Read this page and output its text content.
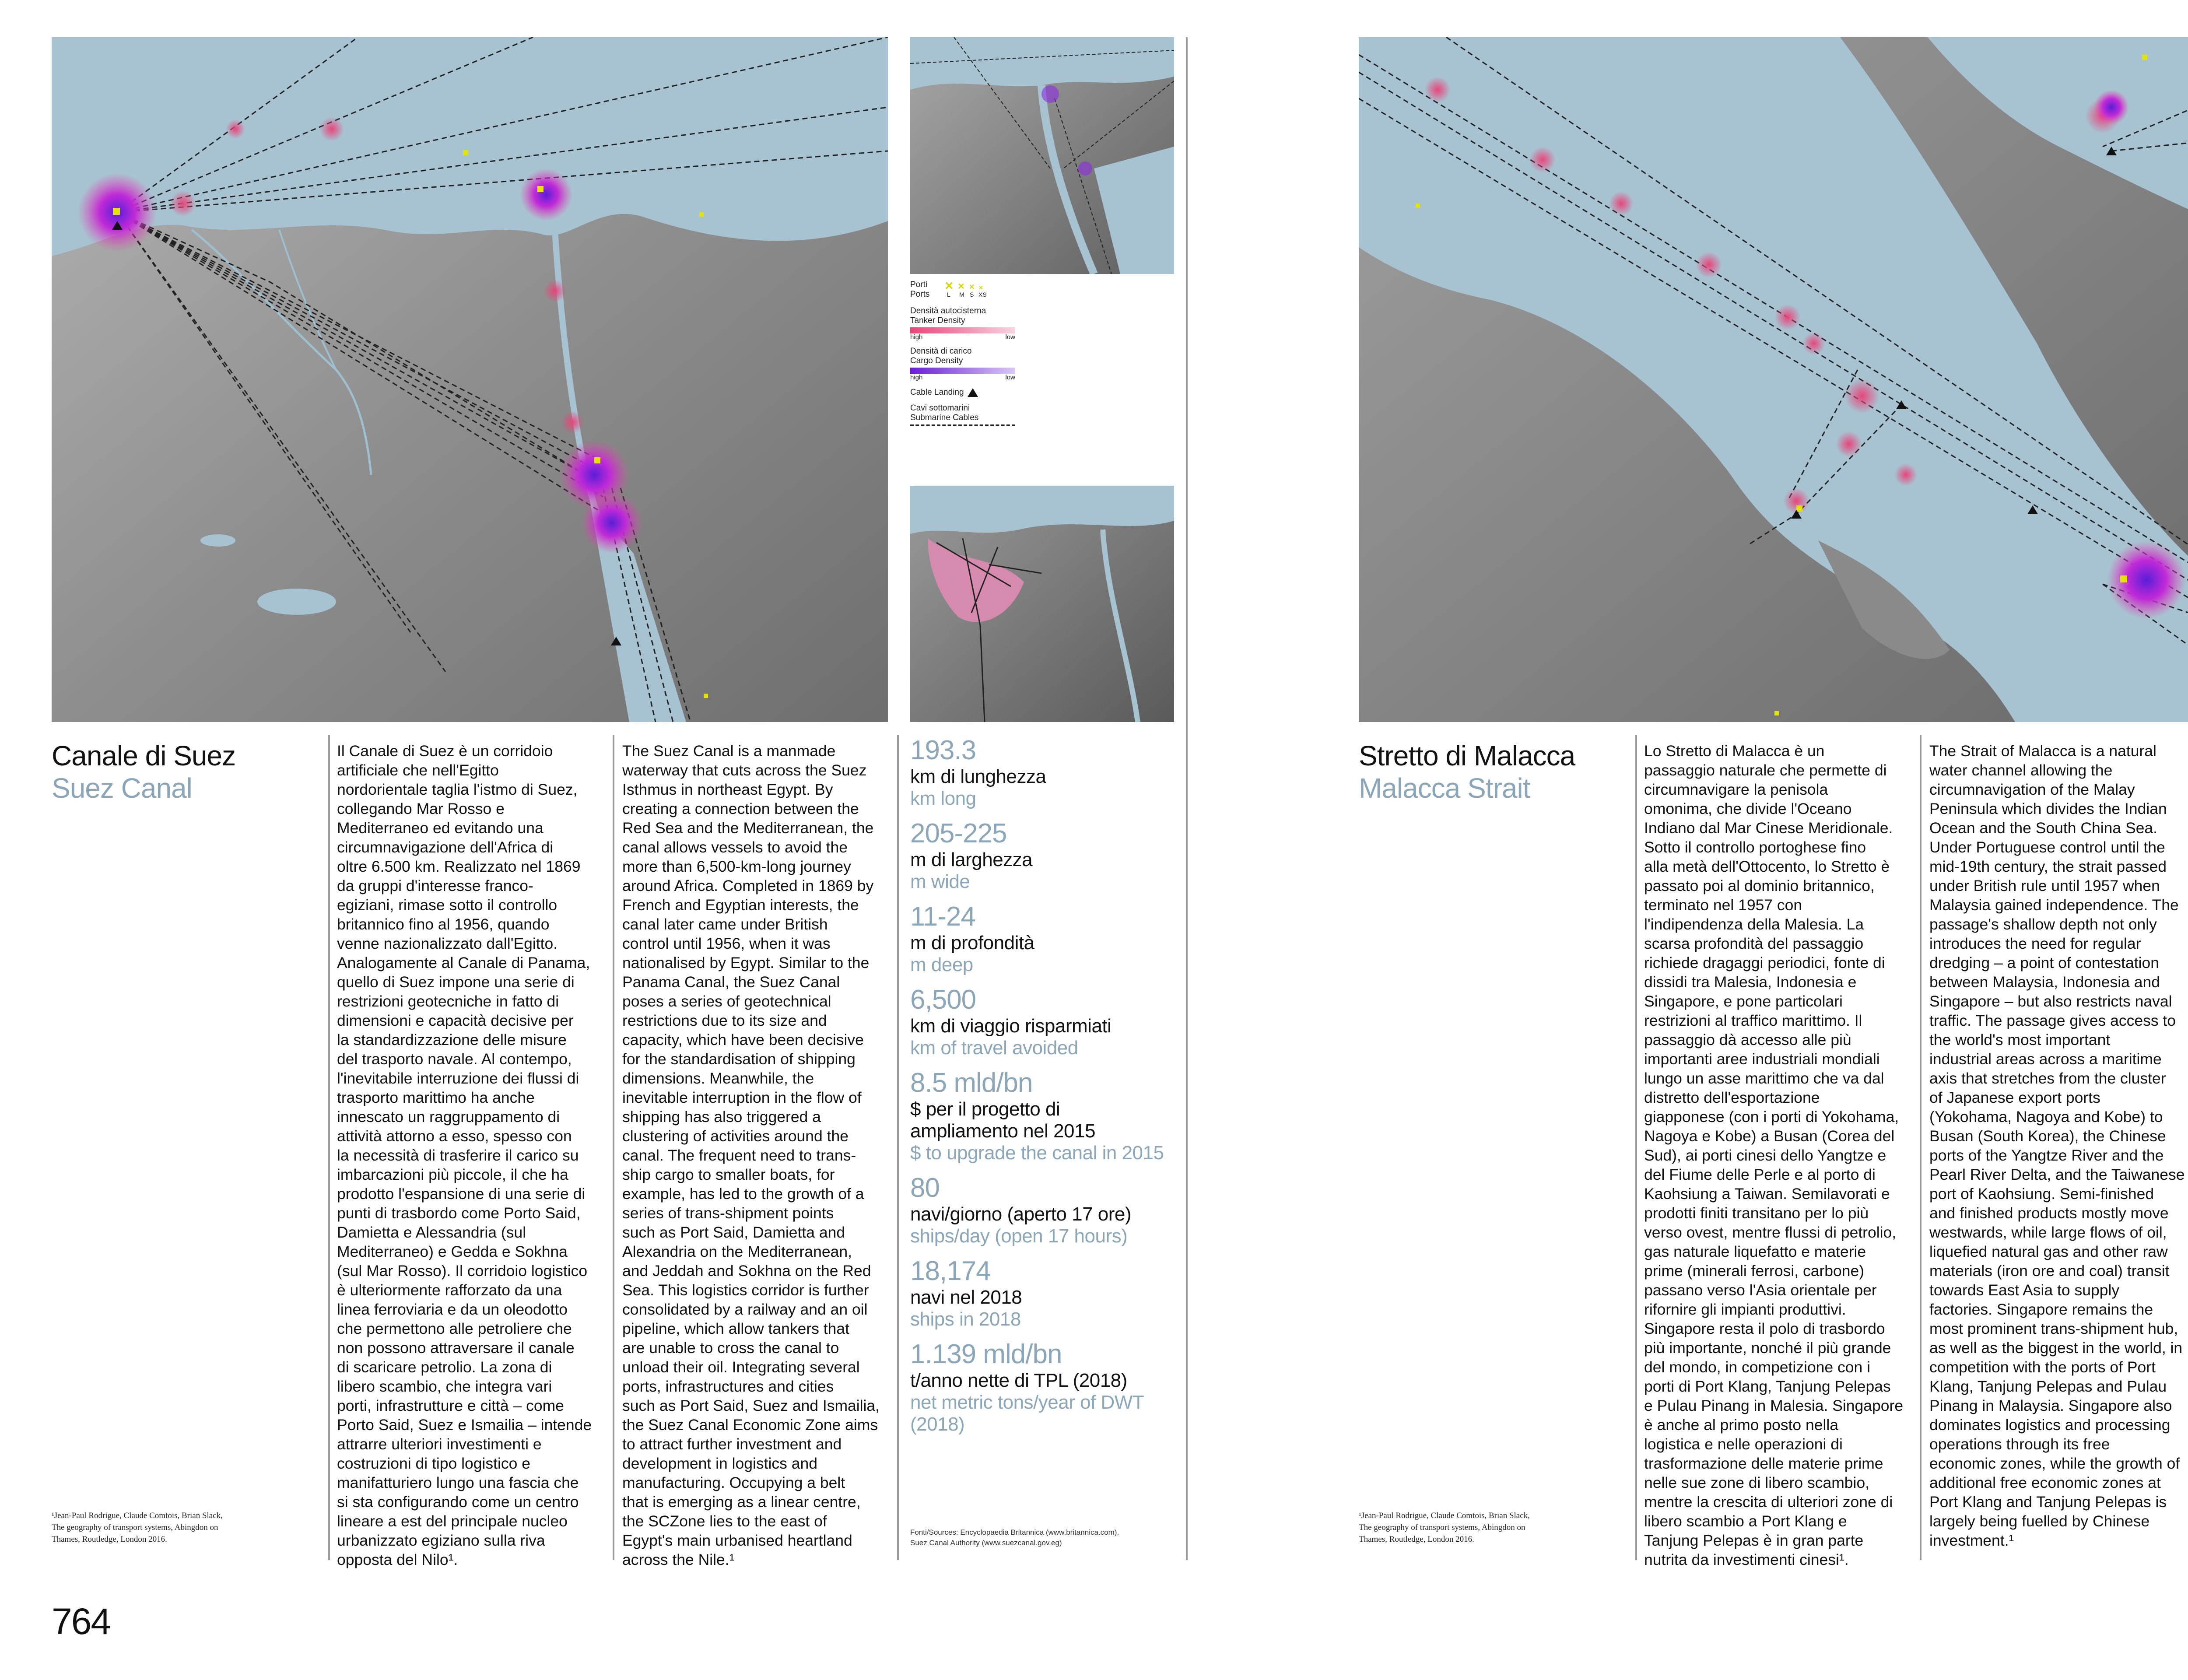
Porti ✕ ✕ ✕ ✕
Ports	L M S XS
Densità autocisterna
Tanker Density
high	low
Densità di carico
Cargo Density
high	low
Cable Landing
Cavi sottomarini
Submarine Cables
Canale di Suez
Suez Canal
Il Canale di Suez è un corridoio
artificiale che nell'Egitto
nordorientale taglia l'istmo di Suez,
collegando Mar Rosso e
Mediterraneo ed evitando una
circumnavigazione dell'Africa di
oltre 6.500 km. Realizzato nel 1869
da gruppi d'interesse franco-
egiziani, rimase sotto il controllo
britannico fino al 1956, quando
venne nazionalizzato dall'Egitto.
Analogamente al Canale di Panama,
quello di Suez impone una serie di
restrizioni geotecniche in fatto di
dimensioni e capacità decisive per
la standardizzazione delle misure
del trasporto navale. Al contempo,
l'inevitabile interruzione dei flussi di
trasporto marittimo ha anche
innescato un raggruppamento di
attività attorno a esso, spesso con
la necessità di trasferire il carico su
imbarcazioni più piccole, il che ha
prodotto l'espansione di una serie di
punti di trasbordo come Porto Said,
Damietta e Alessandria (sul
Mediterraneo) e Gedda e Sokhna
(sul Mar Rosso). Il corridoio logistico
è ulteriormente rafforzato da una
linea ferroviaria e da un oleodotto
che permettono alle petroliere che
non possono attraversare il canale
di scaricare petrolio. La zona di
libero scambio, che integra vari
porti, infrastrutture e città – come
Porto Said, Suez e Ismailia – intende
attrarre ulteriori investimenti e
costruzioni di tipo logistico e
manifatturiero lungo una fascia che
si sta configurando come un centro
lineare a est del principale nucleo
urbanizzato egiziano sulla riva
opposta del Nilo¹.
The Suez Canal is a manmade
waterway that cuts across the Suez
Isthmus in northeast Egypt. By
creating a connection between the
Red Sea and the Mediterranean, the
canal allows vessels to avoid the
more than 6,500-km-long journey
around Africa. Completed in 1869 by
French and Egyptian interests, the
canal later came under British
control until 1956, when it was
nationalised by Egypt. Similar to the
Panama Canal, the Suez Canal
poses a series of geotechnical
restrictions due to its size and
capacity, which have been decisive
for the standardisation of shipping
dimensions. Meanwhile, the
inevitable interruption in the flow of
shipping has also triggered a
clustering of activities around the
canal. The frequent need to trans-
ship cargo to smaller boats, for
example, has led to the growth of a
series of trans-shipment points
such as Port Said, Damietta and
Alexandria on the Mediterranean,
and Jeddah and Sokhna on the Red
Sea. This logistics corridor is further
consolidated by a railway and an oil
pipeline, which allow tankers that
are unable to cross the canal to
unload their oil. Integrating several
ports, infrastructures and cities
such as Port Said, Suez and Ismailia,
the Suez Canal Economic Zone aims
to attract further investment and
development in logistics and
manufacturing. Occupying a belt
that is emerging as a linear centre,
the SCZone lies to the east of
Egypt's main urbanised heartland
across the Nile.¹
¹Jean-Paul Rodrigue, Claude Comtois, Brian Slack,
The geography of transport systems, Abingdon on
Thames, Routledge, London 2016.
193.3
km di lunghezza
km long
205-225
m di larghezza
m wide
11-24
m di profondità
m deep
6,500
km di viaggio risparmiati
km of travel avoided
8.5 mld/bn
$ per il progetto di
ampliamento nel 2015
$ to upgrade the canal in 2015
80
navi/giorno (aperto 17 ore)
ships/day (open 17 hours)
18,174
navi nel 2018
ships in 2018
1.139 mld/bn
t/anno nette di TPL (2018)
net metric tons/year of DWT
(2018)
Fonti/Sources: Encyclopaedia Britannica (www.britannica.com),
Suez Canal Authority (www.suezcanal.gov.eg)
764
Stretto di Malacca
Malacca Strait
Lo Stretto di Malacca è un
passaggio naturale che permette di
circumnavigare la penisola
omonima, che divide l'Oceano
Indiano dal Mar Cinese Meridionale.
Sotto il controllo portoghese fino
alla metà dell'Ottocento, lo Stretto è
passato poi al dominio britannico,
terminato nel 1957 con
l'indipendenza della Malesia. La
scarsa profondità del passaggio
richiede dragaggi periodici, fonte di
dissidi tra Malesia, Indonesia e
Singapore, e pone particolari
restrizioni al traffico marittimo. Il
passaggio dà accesso alle più
importanti aree industriali mondiali
lungo un asse marittimo che va dal
distretto dell'esportazione
giapponese (con i porti di Yokohama,
Nagoya e Kobe) a Busan (Corea del
Sud), ai porti cinesi dello Yangtze e
del Fiume delle Perle e al porto di
Kaohsiung a Taiwan. Semilavorati e
prodotti finiti transitano per lo più
verso ovest, mentre flussi di petrolio,
gas naturale liquefatto e materie
prime (minerali ferrosi, carbone)
passano verso l'Asia orientale per
rifornire gli impianti produttivi.
Singapore resta il polo di trasbordo
più importante, nonché il più grande
del mondo, in competizione con i
porti di Port Klang, Tanjung Pelepas
e Pulau Pinang in Malesia. Singapore
è anche al primo posto nella
logistica e nelle operazioni di
trasformazione delle materie prime
nelle sue zone di libero scambio,
mentre la crescita di ulteriori zone di
libero scambio a Port Klang e
Tanjung Pelepas è in gran parte
nutrita da investimenti cinesi¹.
The Strait of Malacca is a natural
water channel allowing the
circumnavigation of the Malay
Peninsula which divides the Indian
Ocean and the South China Sea.
Under Portuguese control until the
mid-19th century, the strait passed
under British rule until 1957 when
Malaysia gained independence. The
passage's shallow depth not only
introduces the need for regular
dredging – a point of contestation
between Malaysia, Indonesia and
Singapore – but also restricts naval
traffic. The passage gives access to
the world's most important
industrial areas across a maritime
axis that stretches from the cluster
of Japanese export ports
(Yokohama, Nagoya and Kobe) to
Busan (South Korea), the Chinese
ports of the Yangtze River and the
Pearl River Delta, and the Taiwanese
port of Kaohsiung. Semi-finished
and finished products mostly move
westwards, while large flows of oil,
liquefied natural gas and other raw
materials (iron ore and coal) transit
towards East Asia to supply
factories. Singapore remains the
most prominent trans-shipment hub,
as well as the biggest in the world, in
competition with the ports of Port
Klang, Tanjung Pelepas and Pulau
Pinang in Malaysia. Singapore also
dominates logistics and processing
operations through its free
economic zones, while the growth of
additional free economic zones at
Port Klang and Tanjung Pelepas is
largely being fuelled by Chinese
investment.¹
¹Jean-Paul Rodrigue, Claude Comtois, Brian Slack,
The geography of transport systems, Abingdon on
Thames, Routledge, London 2016.
